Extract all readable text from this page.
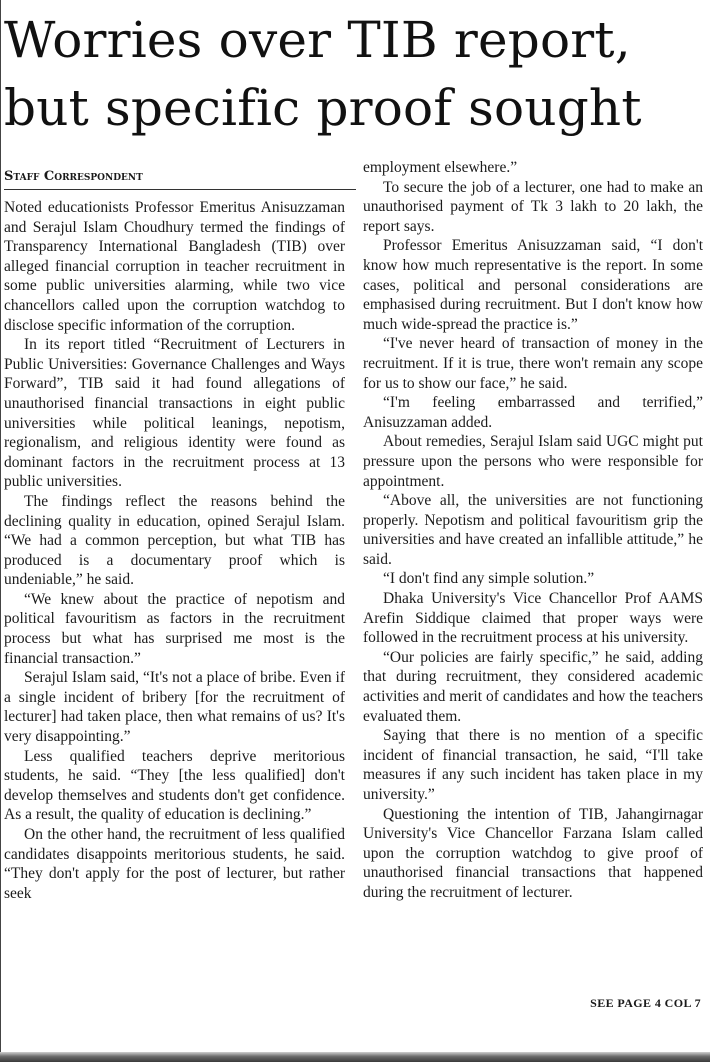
Worries over TIB report,
but specific proof sought
Staff Correspondent

Noted educationists Professor Emeritus Anisuzzaman and Serajul Islam Choudhury termed the findings of Transparency International Bangladesh (TIB) over alleged financial corruption in teacher recruitment in some public universities alarming, while two vice chancellors called upon the corruption watchdog to disclose specific information of the corruption.

In its report titled “Recruitment of Lecturers in Public Universities: Governance Challenges and Ways Forward”, TIB said it had found allegations of unauthorised financial transactions in eight public universities while political leanings, nepotism, regionalism, and religious identity were found as dominant factors in the recruitment process at 13 public universities.

The findings reflect the reasons behind the declining quality in education, opined Serajul Islam. “We had a common perception, but what TIB has produced is a documentary proof which is undeniable,” he said.

“We knew about the practice of nepotism and political favouritism as factors in the recruitment process but what has surprised me most is the financial transaction.”

Serajul Islam said, “It's not a place of bribe. Even if a single incident of bribery [for the recruitment of lecturer] had taken place, then what remains of us? It's very disappointing.”

Less qualified teachers deprive meritorious students, he said. “They [the less qualified] don't develop themselves and students don't get confidence. As a result, the quality of education is declining.”

On the other hand, the recruitment of less qualified candidates disappoints meritorious students, he said. “They don't apply for the post of lecturer, but rather seek

employment elsewhere.”

To secure the job of a lecturer, one had to make an unauthorised payment of Tk 3 lakh to 20 lakh, the report says.

Professor Emeritus Anisuzzaman said, “I don't know how much representative is the report. In some cases, political and personal considerations are emphasised during recruitment. But I don't know how much wide-spread the practice is.”

“I've never heard of transaction of money in the recruitment. If it is true, there won't remain any scope for us to show our face,” he said.

“I'm feeling embarrassed and terrified,” Anisuzzaman added.

About remedies, Serajul Islam said UGC might put pressure upon the persons who were responsible for appointment.

“Above all, the universities are not functioning properly. Nepotism and political favouritism grip the universities and have created an infallible attitude,” he said.

“I don't find any simple solution.”

Dhaka University's Vice Chancellor Prof AAMS Arefin Siddique claimed that proper ways were followed in the recruitment process at his university.

“Our policies are fairly specific,” he said, adding that during recruitment, they considered academic activities and merit of candidates and how the teachers evaluated them.

Saying that there is no mention of a specific incident of financial transaction, he said, “I'll take measures if any such incident has taken place in my university.”

Questioning the intention of TIB, Jahangirnagar University's Vice Chancellor Farzana Islam called upon the corruption watchdog to give proof of unauthorised financial transactions that happened during the recruitment of lecturer.

SEE PAGE 4 COL 7
